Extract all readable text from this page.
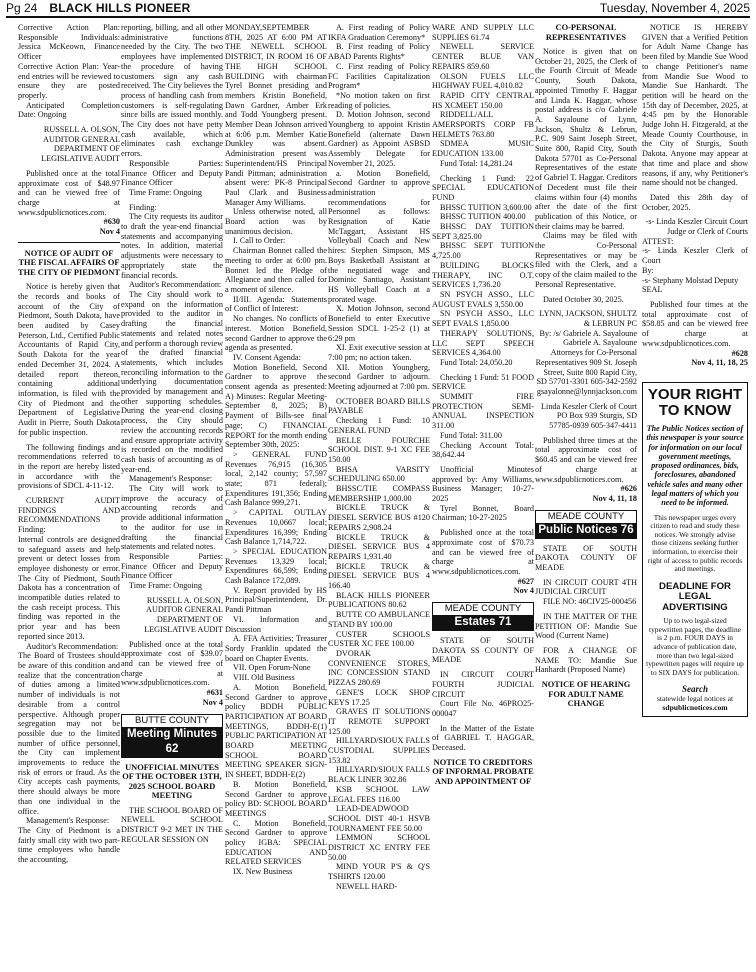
Pg 24 BLACK HILLS PIONEER	Tuesday, November 4, 2025
Corrective Action Plan: Responsible Individuals: Jessica McKeown, Finance Officer
Corrective Action Plan: Year-end entries will be reviewed to ensure they are posted properly.
Anticipated Completion Date: Ongoing
RUSSELL A. OLSON, AUDITOR GENERAL DEPARTMENT OF LEGISLATIVE AUDIT
Published once at the total approximate cost of $48.97 and can be viewed free of charge at www.sdpublicnotices.com.
#630
Nov 4
NOTICE OF AUDIT OF THE FISCAL AFFAIRS OF THE CITY OF PIEDMONT
Notice is hereby given that the records and books of account of the City of Piedmont, South Dakota, have been audited by Casey Peterson, Ltd., Certified Public Accountants of Rapid City, South Dakota for the year ended December 31, 2024. A detailed report thereon, containing additional information, is filed with the City of Piedmont and the Department of Legislative Audit in Pierre, South Dakota for public inspection.
The following findings and recommendations referred to in the report are hereby listed in accordance with the provisions of SDCL 4-11-12.
CURRENT AUDIT FINDINGS AND RECOMMENDATIONS Finding:
Internal controls are designed to safeguard assets and help prevent or detect losses from employee dishonesty or error. The City of Piedmont, South Dakota has a concentration of incompatible duties related to the cash receipt process. This finding was reported in the prior year and has been reported since 2013.
Auditor's Recommendation:
The Board of Trustees should be aware of this condition and realize that the concentration of duties among a limited number of individuals is not desirable from a control perspective. Although proper segregation may not be possible due to the limited number of office personnel, the City can implement improvements to reduce the risk of errors or fraud. As the City accepts cash payments, there should always be more than one individual in the office.
Management's Response:
The City of Piedmont is a fairly small city with two part-time employees who handle the accounting,
reporting, billing, and all other administrative functions needed by the City. The two employees have implemented the procedure of having customers sign any cash received. The City believes the process of handling cash from customers is self-regulating since bills are issued monthly. The City does not have petty cash available, which eliminates cash exchange errors.
Responsible Parties: Finance Officer and Deputy Finance Officer
Time Frame: Ongoing
Finding:
The City requests its auditor to draft the year-end financial statements and accompanying notes. In addition, material adjustments were necessary to appropriately state the financial records.
Auditor's Recommendation:
The City should work to expand on the information provided to the auditor in drafting the financial statements and related notes and perform a thorough review of the drafted financial statements, which includes reconciling information to the underlying documentation provided by management and other supporting schedules. During the year-end closing process, the City should review the accounting records and ensure appropriate activity is recorded on the modified cash basis of accounting as of year-end.
Management's Response:
The City will work to improve the accuracy of accounting records and provide additional information to the auditor for use in drafting the financial statements and related notes.
Responsible Parties: Finance Officer and Deputy Finance Officer
Time Frame: Ongoing
RUSSELL A. OLSON, AUDITOR GENERAL DEPARTMENT OF LEGISLATIVE AUDIT
Published once at the total approximate cost of $39.07 and can be viewed free of charge at www.sdpublicnotices.com.
#631
Nov 4
BUTTE COUNTY
Meeting Minutes 62
UNOFFICIAL MINUTES OF THE OCTOBER 13TH, 2025 SCHOOL BOARD MEETING
THE SCHOOL BOARD OF NEWELL SCHOOL DISTRICT 9-2 MET IN THE REGULAR SESSION ON
MONDAY,SEPTEMBER 8TH, 2025 AT 6:00 PM AT THE NEWELL SCHOOL DISTRICT, IN ROOM 16 OF THE HIGH SCHOOL BUILDING with chairman Tyrel Bonnet presiding and members Kristin Bonefield, Dawn Gardner, Amber Erk and Todd Youngberg present. Member Dean Johnson arrived at 6:06 p.m. Member Katie Dunkley was absent. Administration present was Superintendent/HS Principal Pandi Pittman; administration absent were: PK-8 Principal Paul Clark and Business Manager Amy Williams.
Unless otherwise noted, all Board action was by unanimous decision.
I. Call to Order:
Chairman Bonnet called the meeting to order at 6:00 pm. Bonnet led the Pledge of Allegiance and then called for a moment of silence.
II/III. Agenda: Statements of Conflict of Interest:
No changes. No conflicts of interest. Motion Bonefield, second Gardner to approve the agenda as presented.
IV. Consent Agenda:
Motion Bonefield, Second Gardner to approve the consent agenda as presented: A) Minutes: Regular Meeting- September 8, 2025; B) Payment of Bills-see final page; C) FINANCIAL REPORT for the month ending September 30th, 2025:
> GENERAL FUND Revenues 76,915 (16,305 local, 2,142 county; 57,597 state; 871 federal); Expenditures 191,356; Ending Cash Balance 999,271.
> CAPITAL OUTLAY Revenues 10,0667 local; Expenditures 16,399; Ending Cash Balance 1,714,722.
> SPECIAL EDUCATION Revenues 13,329 local; Expenditures 66,599; Ending Cash Balance 172,089.
V. Report provided by HS Principal/Superintendent, Dr. Pandi Pittman
VI. Information and Discussion
A. FFA Activities; Treasurer Sordy Franklin updated the board on Chapter Events.
VII. Open Forum-None
VIII. Old Business
A. Motion Bonefield, Second Gardner to approve policy BDDH PUBLIC PARTICIPATION AT BOARD MEETINGS, BDDH-E(1) PUBLIC PARTICIPATION AT BOARD MEETING SCHOOL BOARD MEETING SPEAKER SIGN-IN SHEET, BDDH-E(2)
B. Motion Bonefield, Second Gardner to approve policy BD: SCHOOL BOARD MEETINGS
C. Motion Bonefield, Second Gardner to approve policy IGBA: SPECIAL EDUCATION AND RELATED SERVICES
IX. New Business
A. First reading of Policy IKFA Graduation Ceremony*
B. First reading of Policy ABAD Parents Rights*
C. First reading of Policy FC Facilities Capitalization Program*
*No motion taken on first reading of policies.
D. Motion Johnson, second Youngberg to appoint Kristin Bonefield (alternate Dawn Gardner) as Appoint ASBSD Assembly Delegate for November 21, 2025.
a. Motion Bonefield, Second Gardner to approve administration recommendations for Personnel as follows: Resignation of Katie McTaggart, Assistant HS Volleyball Coach and New hires: Stephen Simpson, MS Boys Basketball Assistant at the negotiated wage and Dominic Santiago, Assistant HS Volleyball Coach at a prorated wage.
X. Motion Johnson, second Bonefield to enter Executive Session SDCL 1-25-2 (1) at 6:29 pm
XI. Exit executive session at 7:00 pm; no action taken.
XII. Motion Youngberg, second Gardner to adjourn. Meeting adjourned at 7:00 pm.
OCTOBER BOARD BILLS PAYABLE
Checking 1 Fund: 10 GENERAL FUND
BELLE FOURCHE SCHOOL DIST. 9-1 XC FEE 150.00
BHSA VARSITY SCHEDULING 650.00
BHSSC/TIE COMPASS MEMBERSHIP 1,000.00
BICKLE TRUCK & DIESEL SERVICE BUS #120 REPAIRS 2,908.24
BICKLE TRUCK & DIESEL SERVICE BUS 4 REPAIRS 1,931.40
BICKLE TRUCK & DIESEL SERVICE BUS 4 166.40
BLACK HILLS PIONEER PUBLICATIONS 80.62
BUTTE CO AMBULANCE STAND BY 100.00
CUSTER SCHOOLS CUSTER XC FEE 100.00
DVORAK CONVENIENCE STORES, INC CONCESSION STAND PIZZAS 280.69
GENE'S LOCK SHOP KEYS 17.25
GRAVES IT SOLUTIONS IT REMOTE SUPPORT 125.00
HILLYARD/SIOUX FALLS CUSTODIAL SUPPLIES 153.82
HILLYARD/SIOUX FALLS BLACK LINER 302.86
KSB SCHOOL LAW LEGAL FEES 116.00
LEAD-DEADWOOD SCHOOL DIST 40-1 HSVB TOURNAMENT FEE 50.00
LEMMON SCHOOL DISTRICT XC ENTRY FEE 50.00
MIND YOUR P'S & Q'S TSHIRTS 120.00
NEWELL HARD-
WARE AND SUPPLY LLC SUPPLIES 61.74
NEWELL SERVICE CENTER BLUE VAN REPAIRS 859.60
OLSON FUELS LLC HIGHWAY FUEL 4,010.82
RAPID CITY CENTRAL HS XCMEET 150.00
RIDDELL/ALL AMERSPORTS CORP FB HELMETS 763.80
SDMEA MUSIC EDUCATION 133.00
Fund Total: 14,281.24
Checking 1 Fund: 22 SPECIAL EDUCATION FUND
BHSSC TUITION 3,600.00
BHSSC TUITION 400.00
BHSSC DAY TUITION SEPT 3,825.00
BHSSC SEPT TUITION 4,725.00
BUILDING BLOCKS THERAPY, INC O.T. SERVICES 1,736.20
SN PSYCH ASSO., LLC AUGUST EVALS 3,550.00
SN PSYCH ASSO., LLC SEPT EVALS 1,850.00
THERAPY SOLUTIONS, LLC SEPT SPEECH SERVICES 4,364.00
Fund Total: 24,050.20
Checking 1 Fund: 51 FOOD SERVICE
SUMMIT FIRE PROTECTION SEMI-ANNUAL INSPECTION 311.00
Fund Total: 311.00
Checking Account Total: 38,642.44
Unofficial Minutes approved by: Amy Williams, Business Manager; 10-27-2025
Tyrel Bonnet, Board Chairman; 10-27-2025
Published once at the total approximate cost of $70.73 and can be viewed free of charge at www.sdpublicnotices.com.
#627
Nov 4
MEADE COUNTY
Estates 71
STATE OF SOUTH DAKOTA SS COUNTY OF MEADE
IN CIRCUIT COURT FOURTH JUDICIAL CIRCUIT
Court File No. 46PRO25-000047
In the Matter of the Estate of GABRIEL T. HAGGAR, Deceased.
NOTICE TO CREDITORS OF INFORMAL PROBATE AND APPOINTMENT OF
CO-PERSONAL REPRESENTATIVES
Notice is given that on October 21, 2025, the Clerk of the Fourth Circuit of Meade County, South Dakota, appointed Timothy F. Haggar and Linda K. Haggar, whose postal address is c/o Gabriele A. Sayaloune of Lynn, Jackson, Shultz & Lebrun, P.C. 909 Saint Joseph Street, Suite 800, Rapid City, South Dakota 57701 as Co-Personal Representatives of the estate of Gabriel T. Haggar. Creditors of Decedent must file their claims within four (4) months after the date of the first publication of this Notice, or their claims may be barred.
Claims may be filed with the Co-Personal Representatives or may be filed with the Clerk, and a copy of the claim mailed to the Personal Representative.
Dated October 30, 2025.
LYNN, JACKSON, SHULTZ & LEBRUN PC
By: /s/ Gabriele A. Sayaloune
Gabriele A. Sayaloune Attorneys for Co-Personal Representatives 909 St. Joseph Street, Suite 800 Rapid City, SD 57701-3301 605-342-2592 gsayalonne@lynnjackson.com
Linda Keszler Clerk of Court PO Box 939 Sturgis, SD 57785-0939 605-347-4411
Published three times at the total approximate cost of $60.45 and can be viewed free of charge at www.sdpublicnotices.com.
#626
Nov 4, 11, 18
MEADE COUNTY
Public Notices 76
STATE OF SOUTH DAKOTA COUNTY OF MEADE
IN CIRCUIT COURT 4TH JUDICIAL CIRCUIT
FILE NO: 46CIV25-000456
IN THE MATTER OF THE PETITION OF: Mandie Sue Wood (Current Name)
FOR A CHANGE OF NAME TO: Mandie Sue Hanhardt (Proposed Name)
NOTICE OF HEARING FOR ADULT NAME CHANGE
NOTICE IS HEREBY GIVEN that a Verified Petition for Adult Name Change has been filed by Mandie Sue Wood to change Petitioner's name from Mandie Sue Wood to Mandie Sue Hanhardt. The petition will be heard on the 15th day of December, 2025, at 4:45 pm by the Honorable Judge John H. Fitzgerald, at the Meade County Courthouse, in the City of Sturgis, South Dakota. Anyone may appear at that time and place and show reasons, if any, why Petitioner's name should not be changed.
Dated this 28th day of October, 2025.
-s- Linda Keszler Circuit Court Judge or Clerk of Courts
ATTEST:
-s- Linda Keszler Clerk of Court
By:
-s- Stephany Molstad Deputy
SEAL
Published four times at the total approximate cost of $58.85 and can be viewed free of charge at www.sdpublicnotices.com.
#628
Nov 4, 11, 18, 25
YOUR RIGHT TO KNOW
The Public Notices section of this newspaper is your source for information on our local government meetings, proposed ordinances, bids, foreclosures, abandoned vehicle sales and many other legal matters of which you need to be informed.
This newspaper urges every citizen to read and study these notices. We strongly advise those citizens seeking further information, to exercise their right of access to public records and meetings.
DEADLINE FOR LEGAL ADVERTISING
Up to two legal-sized typewritten pages, the deadline is 2 p.m. FOUR DAYS in advance of publication date, more than two legal-sized typewritten pages will require up to SIX DAYS for publication.
Search
statewide legal notices at
sdpublicnotices.com
